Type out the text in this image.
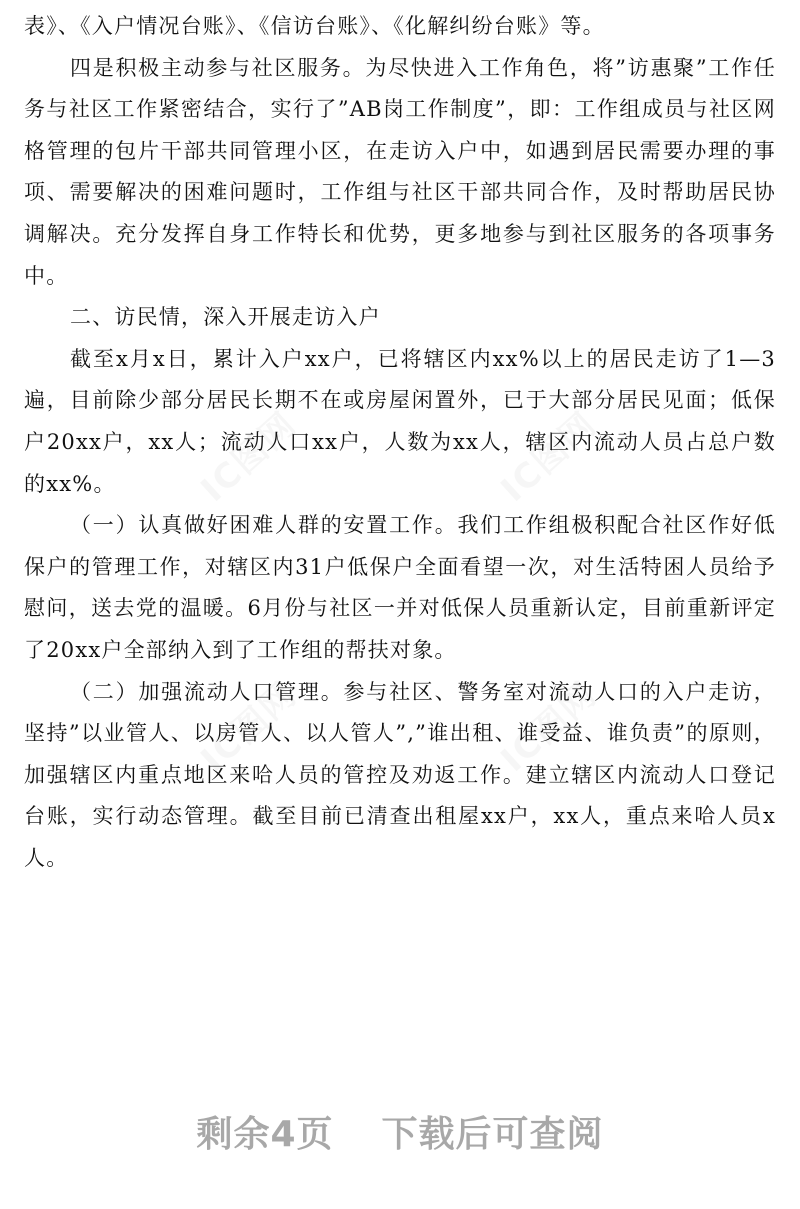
IC图网	IC图网
IC图网	IC图网

表》、《入户情况台账》、《信访台账》、《化解纠纷台账》等。

四是积极主动参与社区服务。为尽快进入工作角色，将”访惠聚”工作任务与社区工作紧密结合，实行了”AB岗工作制度”，即：工作组成员与社区网格管理的包片干部共同管理小区，在走访入户中，如遇到居民需要办理的事项、需要解决的困难问题时，工作组与社区干部共同合作，及时帮助居民协调解决。充分发挥自身工作特长和优势，更多地参与到社区服务的各项事务中。

二、访民情，深入开展走访入户

截至x月x日，累计入户xx户，已将辖区内xx%以上的居民走访了1—3遍，目前除少部分居民长期不在或房屋闲置外，已于大部分居民见面；低保户20xx户，xx人；流动人口xx户，人数为xx人，辖区内流动人员占总户数的xx%。

（一）认真做好困难人群的安置工作。我们工作组极积配合社区作好低保户的管理工作，对辖区内31户低保户全面看望一次，对生活特困人员给予慰问，送去党的温暖。6月份与社区一并对低保人员重新认定，目前重新评定了20xx户全部纳入到了工作组的帮扶对象。

（二）加强流动人口管理。参与社区、警务室对流动人口的入户走访，坚持”以业管人、以房管人、以人管人”,”谁出租、谁受益、谁负责”的原则，加强辖区内重点地区来哈人员的管控及劝返工作。建立辖区内流动人口登记台账，实行动态管理。截至目前已清查出租屋xx户，xx人，重点来哈人员x人。

剩余4页 下载后可查阅
